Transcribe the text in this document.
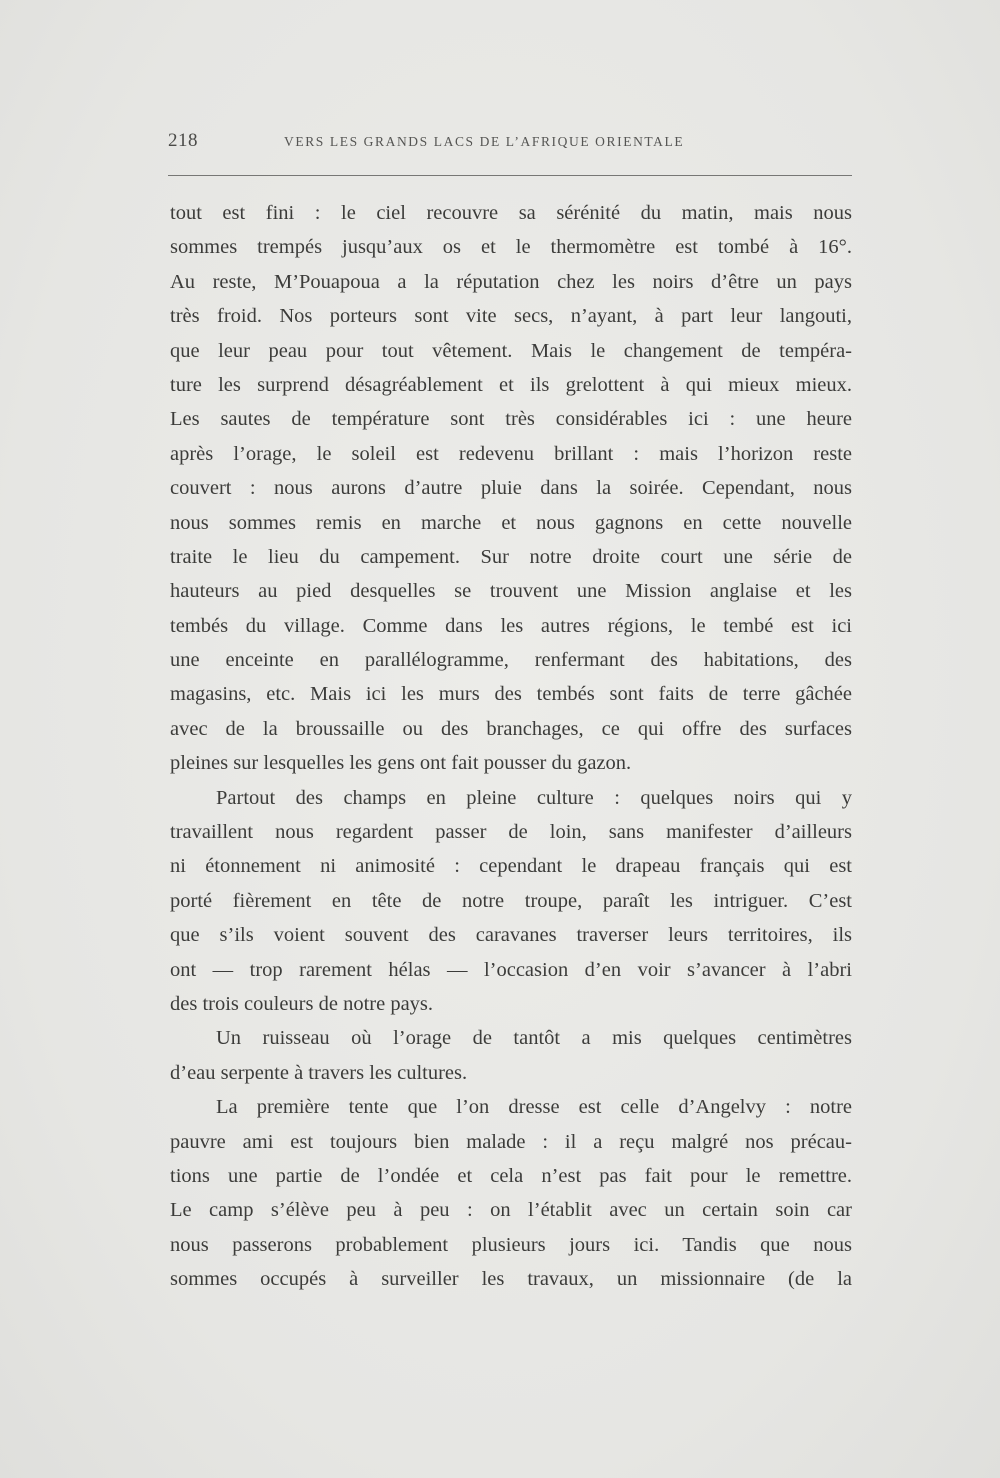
218	VERS LES GRANDS LACS DE L’AFRIQUE ORIENTALE
tout est fini : le ciel recouvre sa sérénité du matin, mais nous
sommes trempés jusqu’aux os et le thermomètre est tombé à 16°.
Au reste, M’Pouapoua a la réputation chez les noirs d’être un pays
très froid. Nos porteurs sont vite secs, n’ayant, à part leur langouti,
que leur peau pour tout vêtement. Mais le changement de tempéra-
ture les surprend désagréablement et ils grelottent à qui mieux mieux.
Les sautes de température sont très considérables ici : une heure
après l’orage, le soleil est redevenu brillant : mais l’horizon reste
couvert : nous aurons d’autre pluie dans la soirée. Cependant, nous
nous sommes remis en marche et nous gagnons en cette nouvelle
traite le lieu du campement. Sur notre droite court une série de
hauteurs au pied desquelles se trouvent une Mission anglaise et les
tembés du village. Comme dans les autres régions, le tembé est ici
une enceinte en parallélogramme, renfermant des habitations, des
magasins, etc. Mais ici les murs des tembés sont faits de terre gâchée
avec de la broussaille ou des branchages, ce qui offre des surfaces
pleines sur lesquelles les gens ont fait pousser du gazon.
Partout des champs en pleine culture : quelques noirs qui y
travaillent nous regardent passer de loin, sans manifester d’ailleurs
ni étonnement ni animosité : cependant le drapeau français qui est
porté fièrement en tête de notre troupe, paraît les intriguer. C’est
que s’ils voient souvent des caravanes traverser leurs territoires, ils
ont — trop rarement hélas — l’occasion d’en voir s’avancer à l’abri
des trois couleurs de notre pays.
Un ruisseau où l’orage de tantôt a mis quelques centimètres
d’eau serpente à travers les cultures.
La première tente que l’on dresse est celle d’Angelvy : notre
pauvre ami est toujours bien malade : il a reçu malgré nos précau-
tions une partie de l’ondée et cela n’est pas fait pour le remettre.
Le camp s’élève peu à peu : on l’établit avec un certain soin car
nous passerons probablement plusieurs jours ici. Tandis que nous
sommes occupés à surveiller les travaux, un missionnaire (de la
